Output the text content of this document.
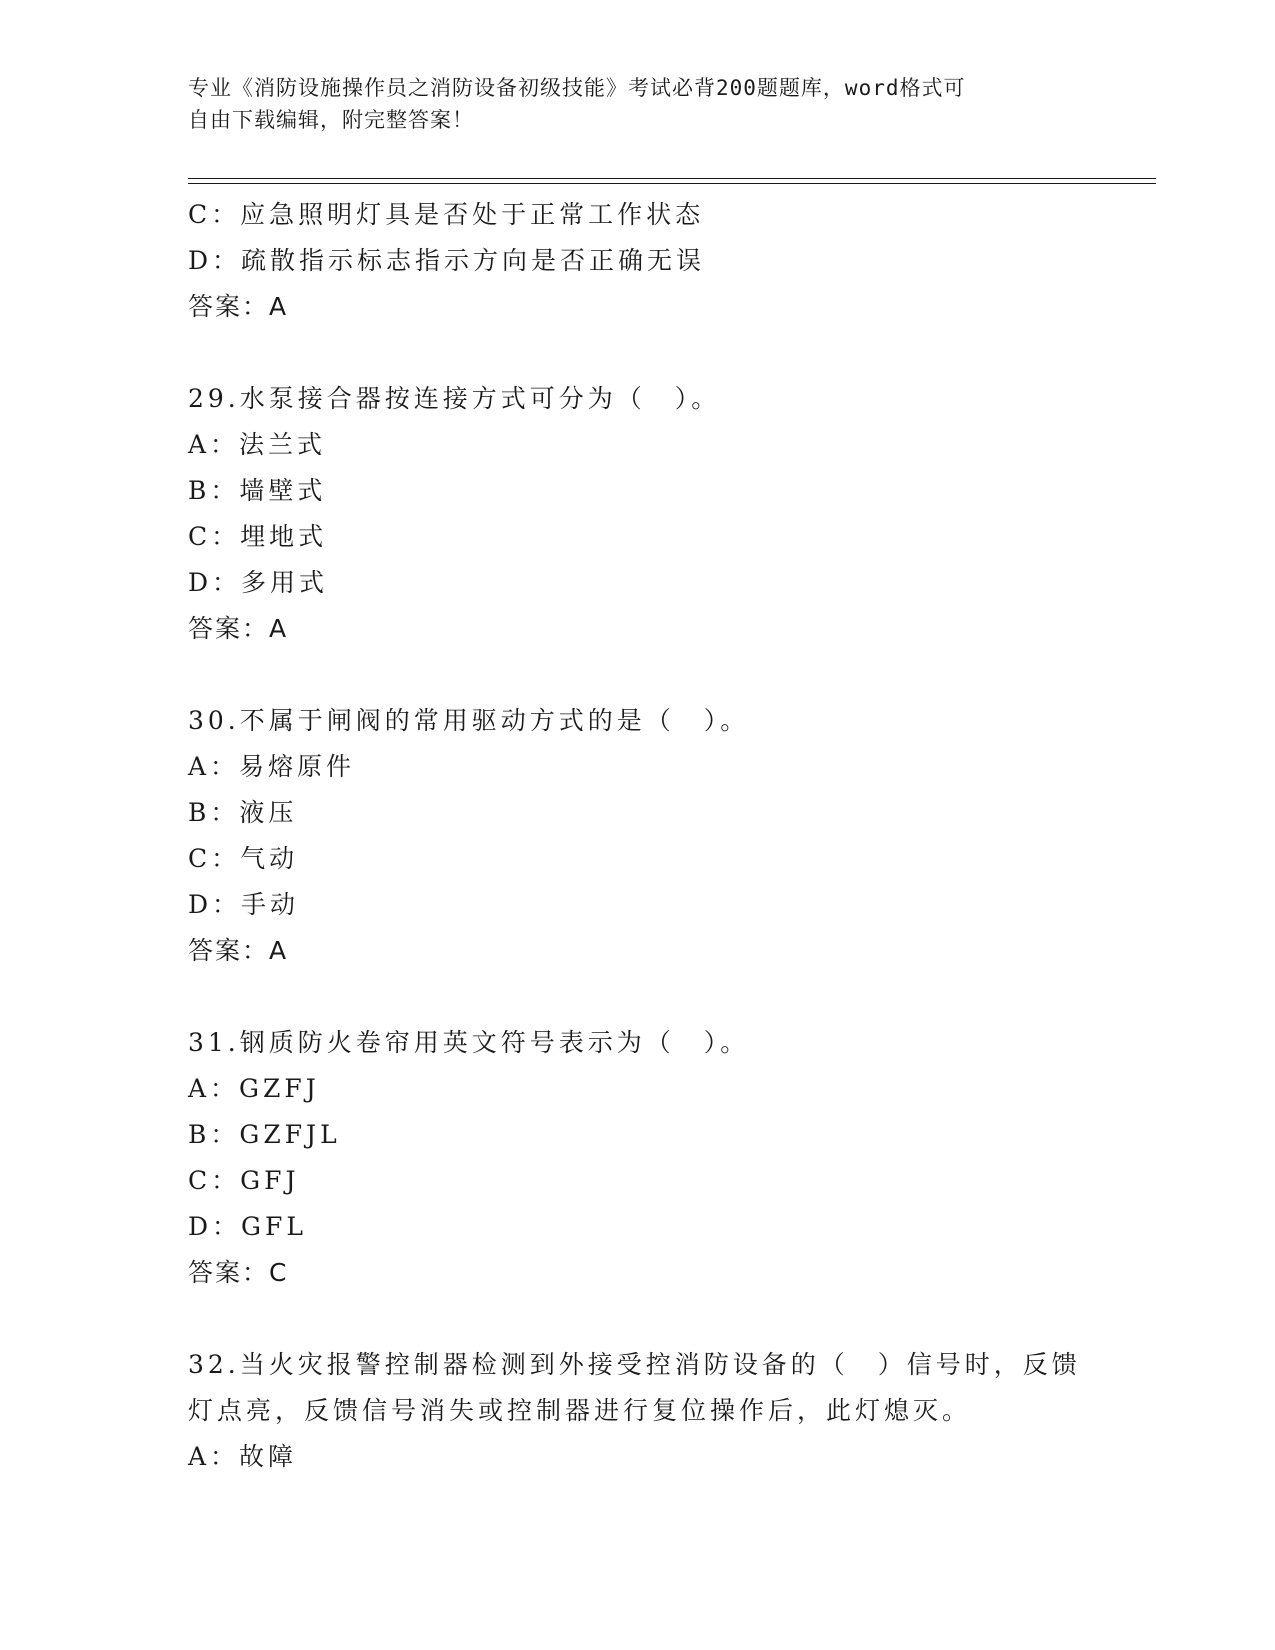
专业《消防设施操作员之消防设备初级技能》考试必背200题题库，word格式可
自由下载编辑，附完整答案！
C：应急照明灯具是否处于正常工作状态
D：疏散指示标志指示方向是否正确无误
答案：A
29.水泵接合器按连接方式可分为（　）。
A：法兰式
B：墙壁式
C：埋地式
D：多用式
答案：A
30.不属于闸阀的常用驱动方式的是（　）。
A：易熔原件
B：液压
C：气动
D：手动
答案：A
31.钢质防火卷帘用英文符号表示为（　）。
A：GZFJ
B：GZFJL
C：GFJ
D：GFL
答案：C
32.当火灾报警控制器检测到外接受控消防设备的（　）信号时，反馈
灯点亮，反馈信号消失或控制器进行复位操作后，此灯熄灭。
A：故障
